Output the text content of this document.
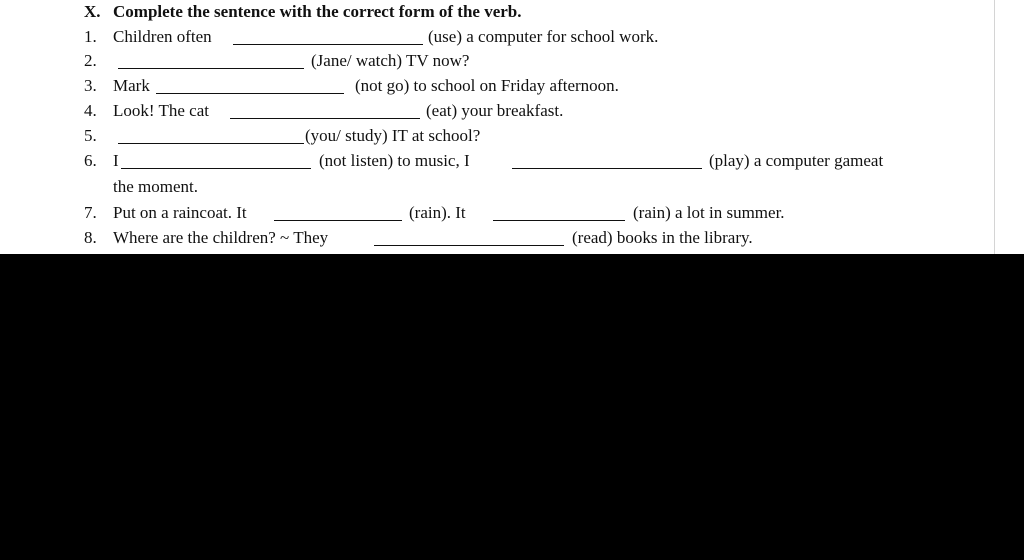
X. Complete the sentence with the correct form of the verb.
1. Children often	(use) a computer for school work.
2.	(Jane/ watch) TV now?
3. Mark	(not go) to school on Friday afternoon.
4. Look! The cat	(eat) your breakfast.
5.	(you/ study) IT at school?
6. I	(not listen) to music, I	(play) a computer gameat
the moment.
7. Put on a raincoat. It	(rain). It	(rain) a lot in summer.
8. Where are the children? ~ They	(read) books in the library.
